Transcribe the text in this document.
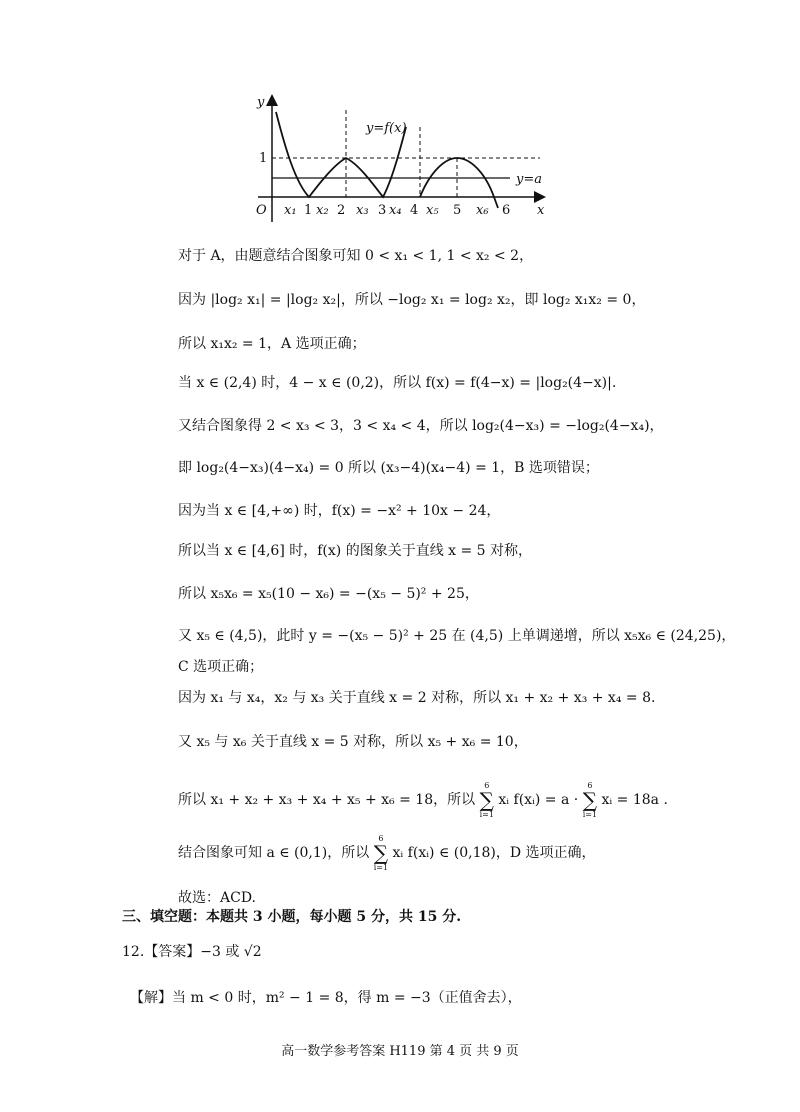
y
x
O
1
y=f(x)
y=a
x₁ 1 x₂ 2 x₃ 3 x₄ 4 x₅ 5 x₆ 6
对于 A，由题意结合图象可知 0 < x₁ < 1, 1 < x₂ < 2，
因为 |log₂ x₁| = |log₂ x₂|，所以 −log₂ x₁ = log₂ x₂，即 log₂ x₁x₂ = 0，
所以 x₁x₂ = 1，A 选项正确；
当 x ∈ (2,4) 时，4 − x ∈ (0,2)，所以 f(x) = f(4−x) = |log₂(4−x)|.
又结合图象得 2 < x₃ < 3，3 < x₄ < 4，所以 log₂(4−x₃) = −log₂(4−x₄)，
即 log₂(4−x₃)(4−x₄) = 0 所以 (x₃−4)(x₄−4) = 1，B 选项错误；
因为当 x ∈ [4,+∞) 时，f(x) = −x² + 10x − 24，
所以当 x ∈ [4,6] 时，f(x) 的图象关于直线 x = 5 对称，
所以 x₅x₆ = x₅(10 − x₆) = −(x₅ − 5)² + 25，
又 x₅ ∈ (4,5)，此时 y = −(x₅ − 5)² + 25 在 (4,5) 上单调递增，所以 x₅x₆ ∈ (24,25)，
C 选项正确；
因为 x₁ 与 x₄，x₂ 与 x₃ 关于直线 x = 2 对称，所以 x₁ + x₂ + x₃ + x₄ = 8.
又 x₅ 与 x₆ 关于直线 x = 5 对称，所以 x₅ + x₆ = 10，
所以 x₁ + x₂ + x₃ + x₄ + x₅ + x₆ = 18，所以
6
∑
i=1
xᵢ f(xᵢ) = a ·
6
∑
i=1
xᵢ = 18a .
结合图象可知 a ∈ (0,1)，所以
6
∑
i=1
xᵢ f(xᵢ) ∈ (0,18)，D 选项正确，
故选：ACD.
三、填空题：本题共 3 小题，每小题 5 分，共 15 分.
12.【答案】−3 或 √2
【解】当 m < 0 时，m² − 1 = 8，得 m = −3（正值舍去），
高一数学参考答案 H119 第 4 页 共 9 页
